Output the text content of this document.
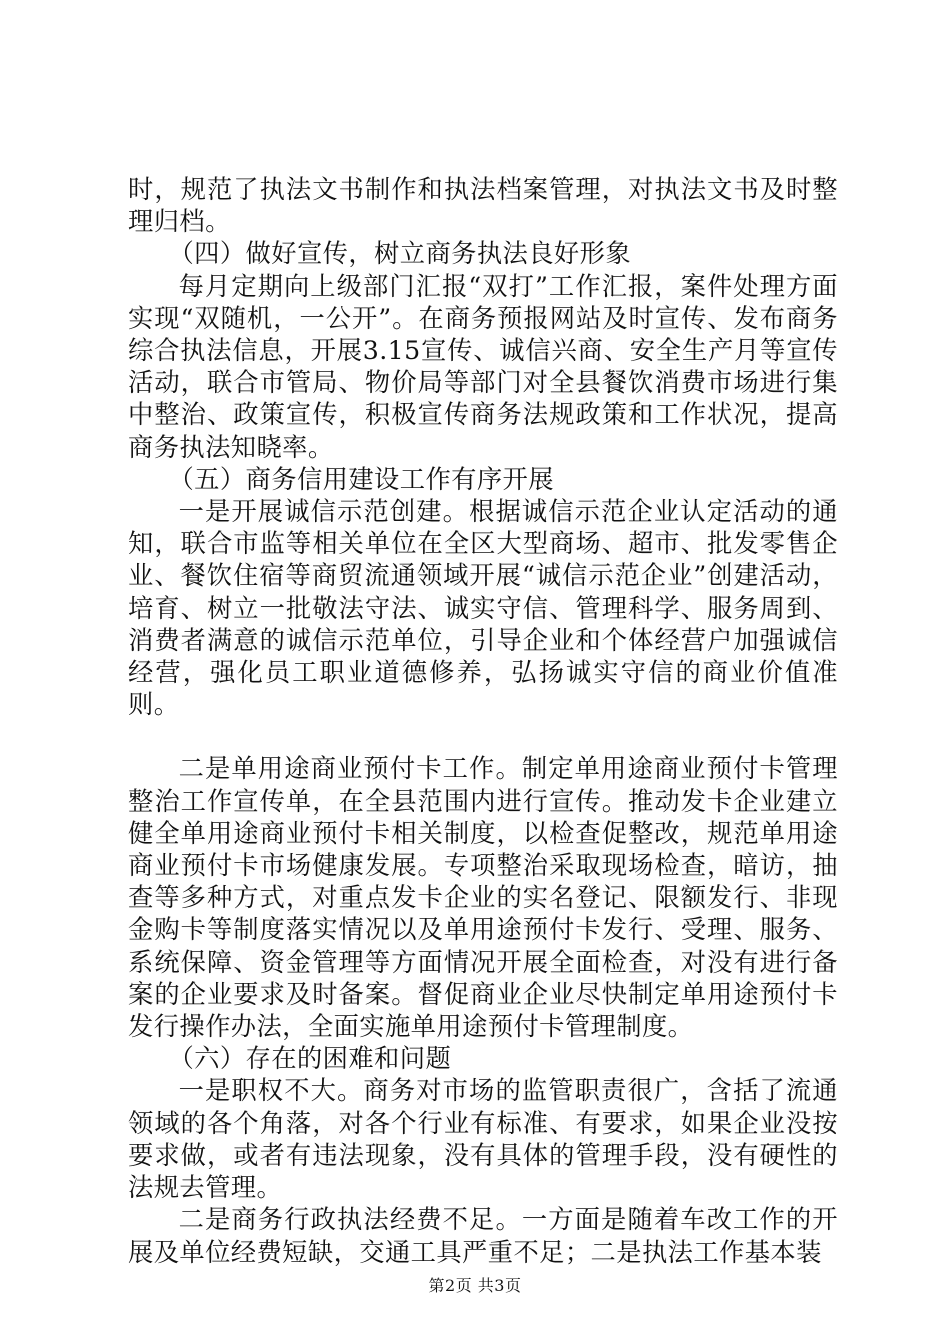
时，规范了执法文书制作和执法档案管理，对执法文书及时整理归档。

（四）做好宣传，树立商务执法良好形象

每月定期向上级部门汇报“双打”工作汇报，案件处理方面实现“双随机，一公开”。在商务预报网站及时宣传、发布商务综合执法信息，开展3.15宣传、诚信兴商、安全生产月等宣传活动，联合市管局、物价局等部门对全县餐饮消费市场进行集中整治、政策宣传，积极宣传商务法规政策和工作状况，提高商务执法知晓率。

（五）商务信用建设工作有序开展

一是开展诚信示范创建。根据诚信示范企业认定活动的通知，联合市监等相关单位在全区大型商场、超市、批发零售企业、餐饮住宿等商贸流通领域开展“诚信示范企业”创建活动，培育、树立一批敬法守法、诚实守信、管理科学、服务周到、消费者满意的诚信示范单位，引导企业和个体经营户加强诚信经营，强化员工职业道德修养，弘扬诚实守信的商业价值准则。

二是单用途商业预付卡工作。制定单用途商业预付卡管理整治工作宣传单，在全县范围内进行宣传。推动发卡企业建立健全单用途商业预付卡相关制度，以检查促整改，规范单用途商业预付卡市场健康发展。专项整治采取现场检查，暗访，抽查等多种方式，对重点发卡企业的实名登记、限额发行、非现金购卡等制度落实情况以及单用途预付卡发行、受理、服务、系统保障、资金管理等方面情况开展全面检查，对没有进行备案的企业要求及时备案。督促商业企业尽快制定单用途预付卡发行操作办法，全面实施单用途预付卡管理制度。

（六）存在的困难和问题

一是职权不大。商务对市场的监管职责很广，含括了流通领域的各个角落，对各个行业有标准、有要求，如果企业没按要求做，或者有违法现象，没有具体的管理手段，没有硬性的法规去管理。

二是商务行政执法经费不足。一方面是随着车改工作的开展及单位经费短缺，交通工具严重不足；二是执法工作基本装

第2页 共3页
